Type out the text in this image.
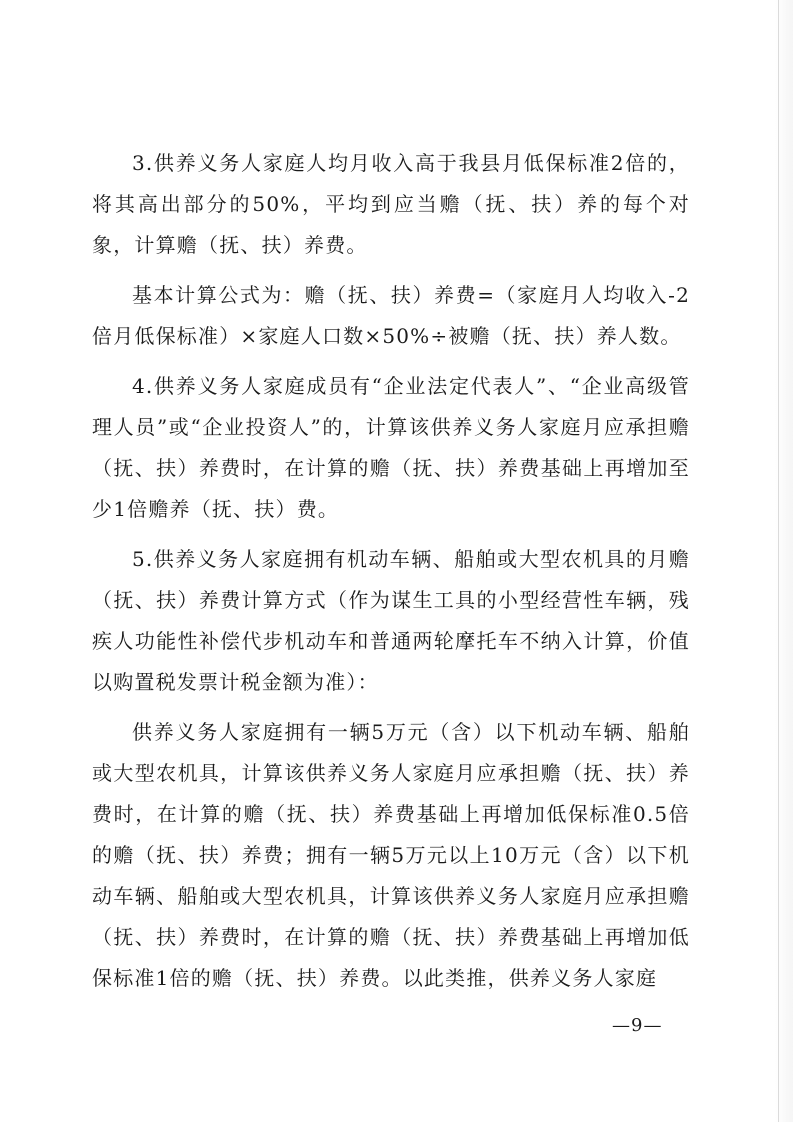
3.供养义务人家庭人均月收入高于我县月低保标准2倍的，将其高出部分的50%，平均到应当赡（抚、扶）养的每个对象，计算赡（抚、扶）养费。

基本计算公式为：赡（抚、扶）养费=（家庭月人均收入-2倍月低保标准）×家庭人口数×50%÷被赡（抚、扶）养人数。

4.供养义务人家庭成员有“企业法定代表人”、“企业高级管理人员”或“企业投资人”的，计算该供养义务人家庭月应承担赡（抚、扶）养费时，在计算的赡（抚、扶）养费基础上再增加至少1倍赡养（抚、扶）费。

5.供养义务人家庭拥有机动车辆、船舶或大型农机具的月赡（抚、扶）养费计算方式（作为谋生工具的小型经营性车辆，残疾人功能性补偿代步机动车和普通两轮摩托车不纳入计算，价值以购置税发票计税金额为准）：

供养义务人家庭拥有一辆5万元（含）以下机动车辆、船舶或大型农机具，计算该供养义务人家庭月应承担赡（抚、扶）养费时，在计算的赡（抚、扶）养费基础上再增加低保标准0.5倍的赡（抚、扶）养费；拥有一辆5万元以上10万元（含）以下机动车辆、船舶或大型农机具，计算该供养义务人家庭月应承担赡（抚、扶）养费时，在计算的赡（抚、扶）养费基础上再增加低保标准1倍的赡（抚、扶）养费。以此类推，供养义务人家庭

—9—
